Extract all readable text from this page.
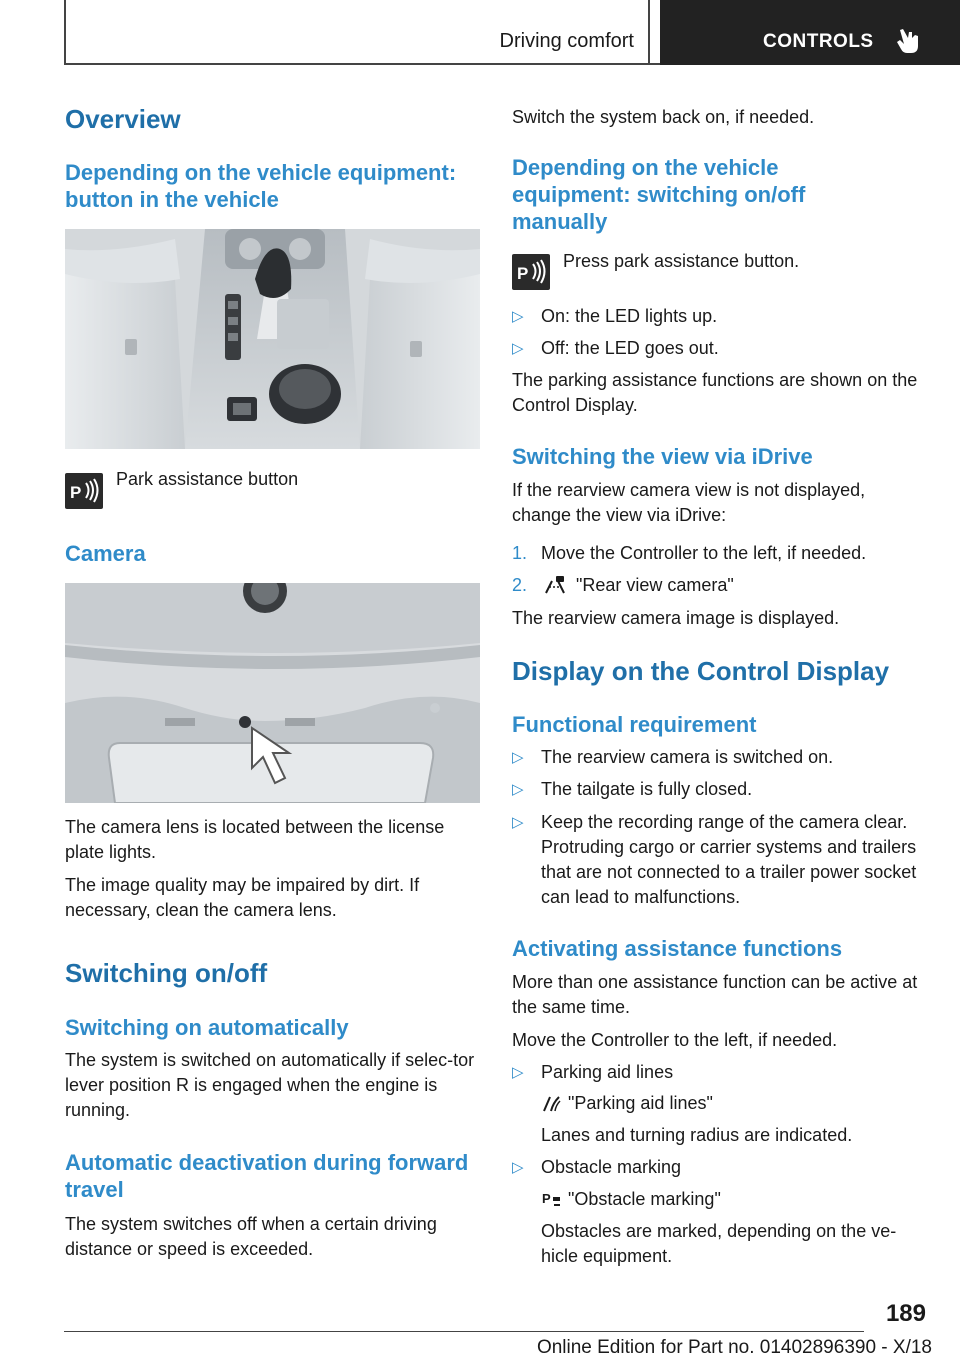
Driving comfort	CONTROLS
Overview
Depending on the vehicle equipment: button in the vehicle
P
Park assistance button
Camera
The camera lens is located between the license plate lights.
The image quality may be impaired by dirt. If necessary, clean the camera lens.
Switching on/off
Switching on automatically
The system is switched on automatically if selec‐tor lever position R is engaged when the engine is running.
Automatic deactivation during forward travel
The system switches off when a certain driving distance or speed is exceeded.
Switch the system back on, if needed.
Depending on the vehicle equipment: switching on/off manually
P
Press park assistance button.
▷ On: the LED lights up.
▷ Off: the LED goes out.
The parking assistance functions are shown on the Control Display.
Switching the view via iDrive
If the rearview camera view is not displayed, change the view via iDrive:
1. Move the Controller to the left, if needed.
2.	"Rear view camera"
The rearview camera image is displayed.
Display on the Control Display
Functional requirement
▷ The rearview camera is switched on.
▷ The tailgate is fully closed.
▷ Keep the recording range of the camera clear. Protruding cargo or carrier systems and trailers that are not connected to a trailer power socket can lead to malfunctions.
Activating assistance functions
More than one assistance function can be active at the same time.
Move the Controller to the left, if needed.
▷ Parking aid lines
"Parking aid lines"
Lanes and turning radius are indicated.
▷ Obstacle marking
P "Obstacle marking"
Obstacles are marked, depending on the ve‐hicle equipment.
189
Online Edition for Part no. 01402896390 - X/18
